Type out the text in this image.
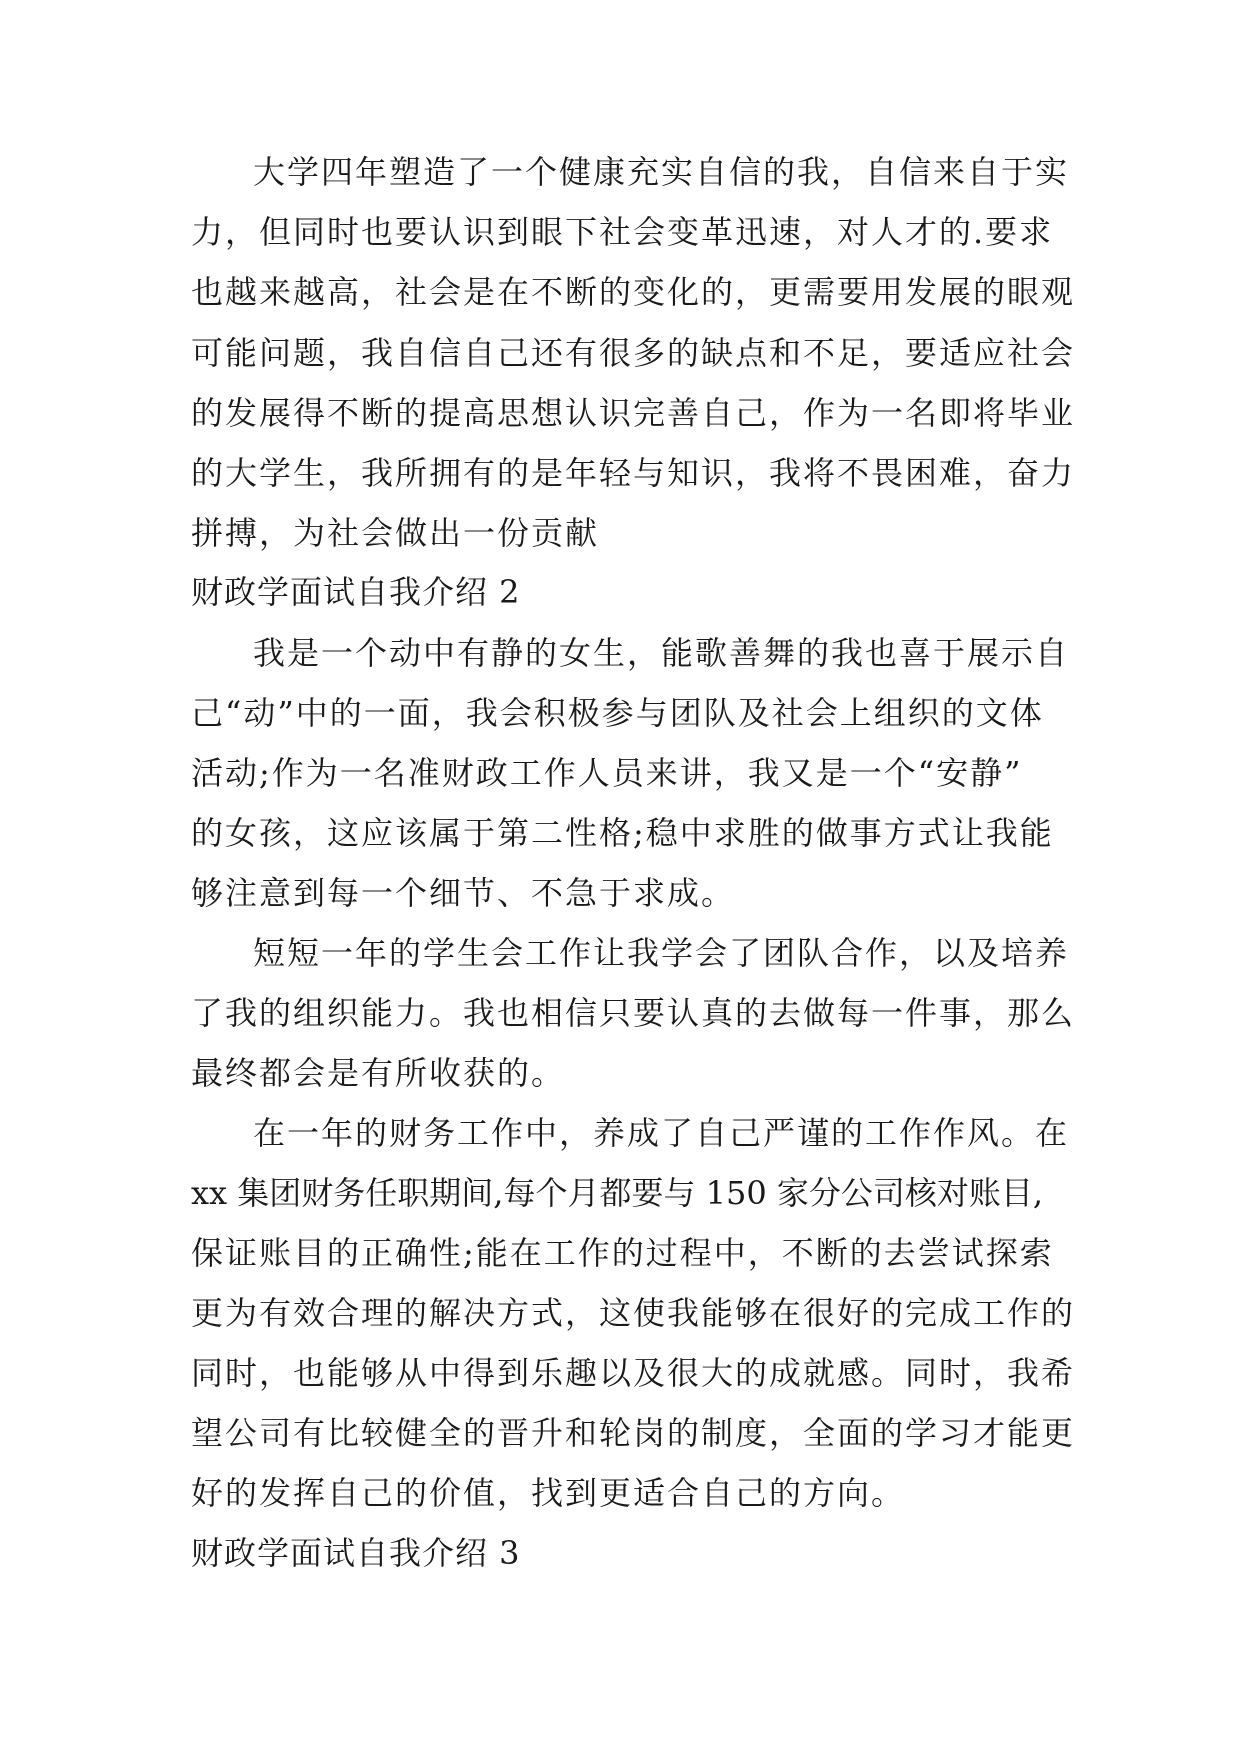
大学四年塑造了一个健康充实自信的我，自信来自于实
力，但同时也要认识到眼下社会变革迅速，对人才的.要求
也越来越高，社会是在不断的变化的，更需要用发展的眼观
可能问题，我自信自己还有很多的缺点和不足，要适应社会
的发展得不断的提高思想认识完善自己，作为一名即将毕业
的大学生，我所拥有的是年轻与知识，我将不畏困难，奋力
拼搏，为社会做出一份贡献
财政学面试自我介绍 2
我是一个动中有静的女生，能歌善舞的我也喜于展示自
己“动”中的一面，我会积极参与团队及社会上组织的文体
活动;作为一名准财政工作人员来讲，我又是一个“安静”
的女孩，这应该属于第二性格;稳中求胜的做事方式让我能
够注意到每一个细节、不急于求成。
短短一年的学生会工作让我学会了团队合作，以及培养
了我的组织能力。我也相信只要认真的去做每一件事，那么
最终都会是有所收获的。
在一年的财务工作中，养成了自己严谨的工作作风。在
xx 集团财务任职期间,每个月都要与 150 家分公司核对账目,
保证账目的正确性;能在工作的过程中，不断的去尝试探索
更为有效合理的解决方式，这使我能够在很好的完成工作的
同时，也能够从中得到乐趣以及很大的成就感。同时，我希
望公司有比较健全的晋升和轮岗的制度，全面的学习才能更
好的发挥自己的价值，找到更适合自己的方向。
财政学面试自我介绍 3
